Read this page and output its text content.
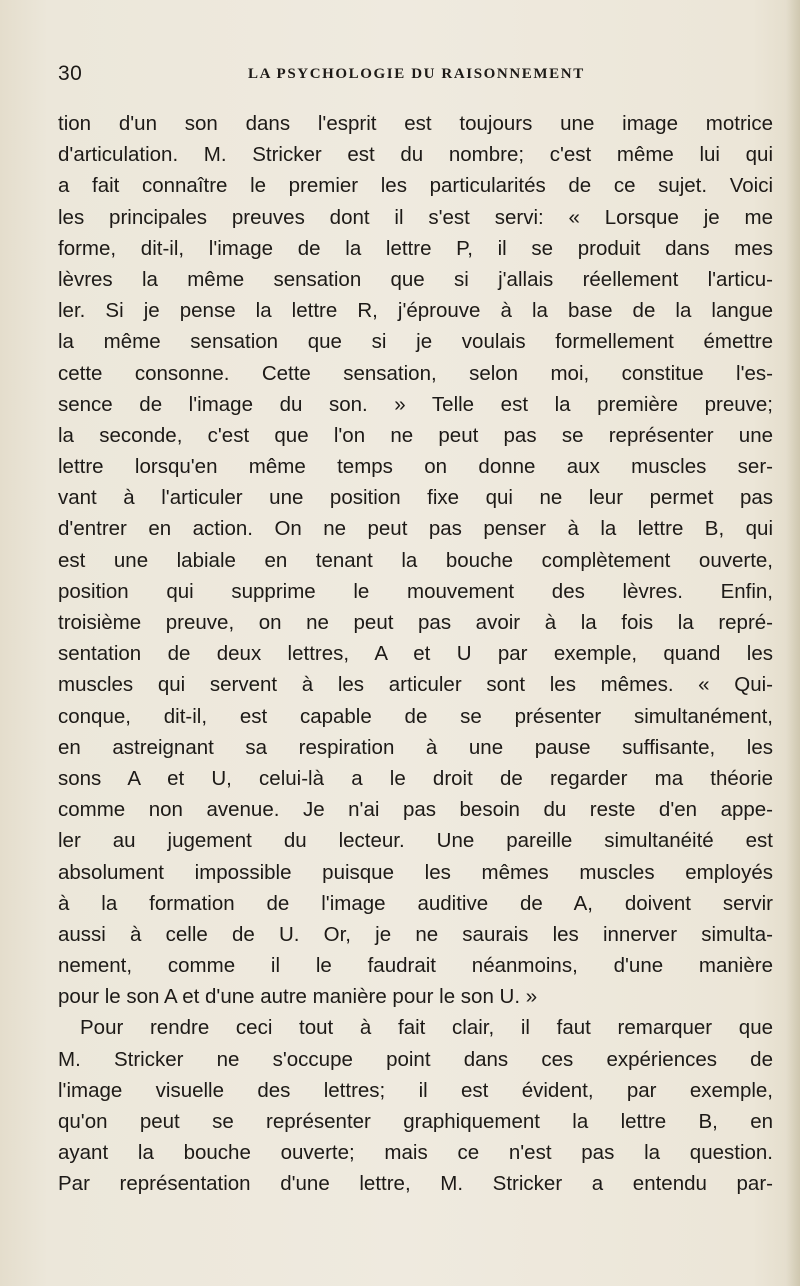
30	LA PSYCHOLOGIE DU RAISONNEMENT
tion d'un son dans l'esprit est toujours une image motrice
d'articulation. M. Stricker est du nombre; c'est même lui qui
a fait connaître le premier les particularités de ce sujet. Voici
les principales preuves dont il s'est servi: « Lorsque je me
forme, dit-il, l'image de la lettre P, il se produit dans mes
lèvres la même sensation que si j'allais réellement l'articu-
ler. Si je pense la lettre R, j'éprouve à la base de la langue
la même sensation que si je voulais formellement émettre
cette consonne. Cette sensation, selon moi, constitue l'es-
sence de l'image du son. » Telle est la première preuve;
la seconde, c'est que l'on ne peut pas se représenter une
lettre lorsqu'en même temps on donne aux muscles ser-
vant à l'articuler une position fixe qui ne leur permet pas
d'entrer en action. On ne peut pas penser à la lettre B, qui
est une labiale en tenant la bouche complètement ouverte,
position qui supprime le mouvement des lèvres. Enfin,
troisième preuve, on ne peut pas avoir à la fois la repré-
sentation de deux lettres, A et U par exemple, quand les
muscles qui servent à les articuler sont les mêmes. « Qui-
conque, dit-il, est capable de se présenter simultanément,
en astreignant sa respiration à une pause suffisante, les
sons A et U, celui-là a le droit de regarder ma théorie
comme non avenue. Je n'ai pas besoin du reste d'en appe-
ler au jugement du lecteur. Une pareille simultanéité est
absolument impossible puisque les mêmes muscles employés
à la formation de l'image auditive de A, doivent servir
aussi à celle de U. Or, je ne saurais les innerver simulta-
nement, comme il le faudrait néanmoins, d'une manière
pour le son A et d'une autre manière pour le son U. »
Pour rendre ceci tout à fait clair, il faut remarquer que
M. Stricker ne s'occupe point dans ces expériences de
l'image visuelle des lettres; il est évident, par exemple,
qu'on peut se représenter graphiquement la lettre B, en
ayant la bouche ouverte; mais ce n'est pas la question.
Par représentation d'une lettre, M. Stricker a entendu par-
